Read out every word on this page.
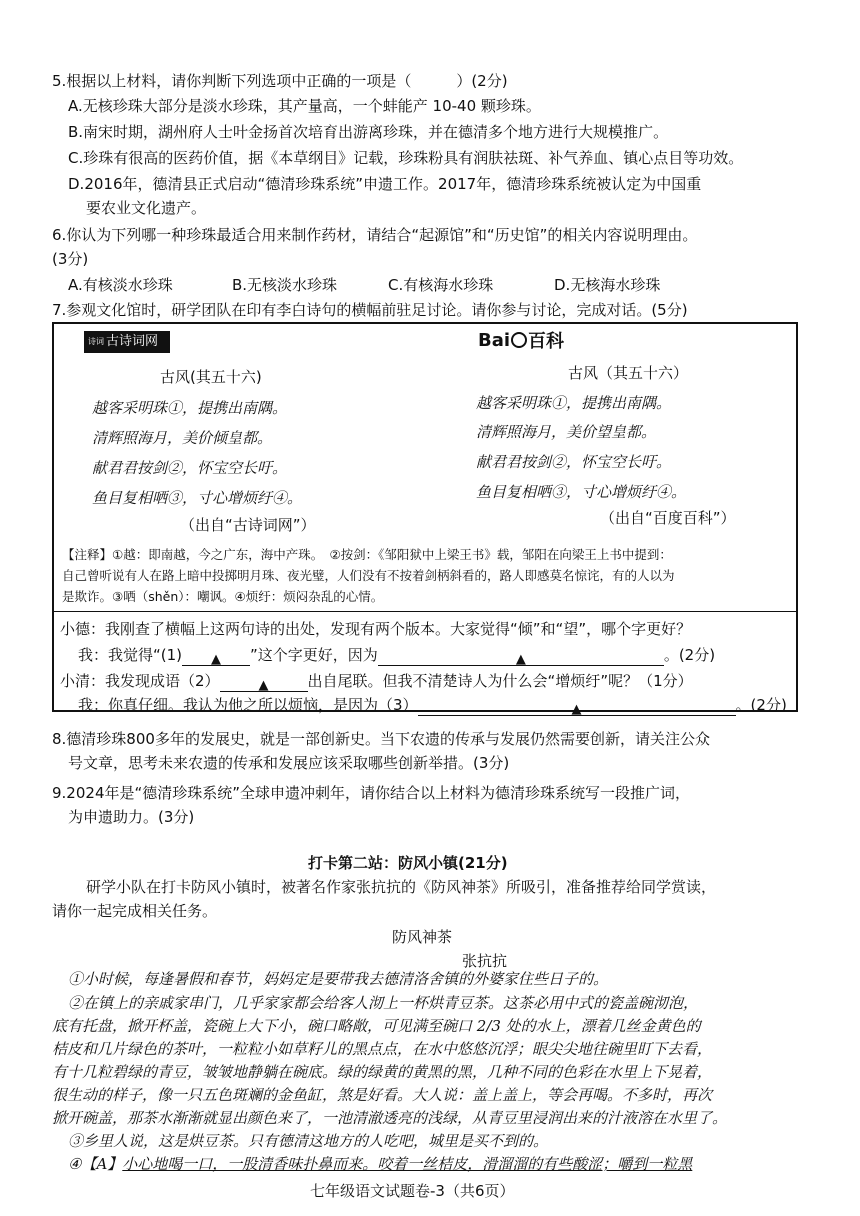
5.根据以上材料，请你判断下列选项中正确的一项是（　　　）(2分)
A.无核珍珠大部分是淡水珍珠，其产量高，一个蚌能产 10-40 颗珍珠。
B.南宋时期，湖州府人士叶金扬首次培育出游离珍珠，并在德清多个地方进行大规模推广。
C.珍珠有很高的医药价值，据《本草纲目》记载，珍珠粉具有润肤祛斑、补气养血、镇心点目等功效。
D.2016年，德清县正式启动“德清珍珠系统”申遗工作。2017年，德清珍珠系统被认定为中国重
要农业文化遗产。
6.你认为下列哪一种珍珠最适合用来制作药材，请结合“起源馆”和“历史馆”的相关内容说明理由。
(3分)
A.有核淡水珍珠	B.无核淡水珍珠	C.有核海水珍珠	D.无核海水珍珠
7.参观文化馆时，研学团队在印有李白诗句的横幅前驻足讨论。请你参与讨论，完成对话。(5分)
诗词 古诗词网
古风(其五十六)
越客采明珠①，提携出南隅。
清辉照海月，美价倾皇都。
献君君按剑②，怀宝空长吁。
鱼目复相哂③，寸心增烦纡④。
（出自“古诗词网”）
Bai 百科
古风（其五十六）
越客采明珠①，提携出南隅。
清辉照海月，美价望皇都。
献君君按剑②，怀宝空长吁。
鱼目复相哂③，寸心增烦纡④。
（出自“百度百科”）
【注释】①越：即南越，今之广东，海中产珠。　②按剑：《邹阳狱中上梁王书》载，邹阳在向梁王上书中提到：
自己曾听说有人在路上暗中投掷明月珠、夜光璧，人们没有不按着剑柄斜看的，路人即感莫名惊诧，有的人以为
是欺诈。③哂（shěn）：嘲讽。④烦纡：烦闷杂乱的心情。
小德：我刚查了横幅上这两句诗的出处，发现有两个版本。大家觉得“倾”和“望”，哪个字更好？
我：我觉得“(1) ▲ ”这个字更好，因为	▲	。(2分)
小清：我发现成语（2）	▲	出自尾联。但我不清楚诗人为什么会“增烦纡”呢？（1分）
我：你真仔细。我认为他之所以烦恼，是因为（3）	▲	。(2分)
8.德清珍珠800多年的发展史，就是一部创新史。当下农遗的传承与发展仍然需要创新，请关注公众
号文章，思考未来农遗的传承和发展应该采取哪些创新举措。(3分)
9.2024年是“德清珍珠系统”全球申遗冲刺年，请你结合以上材料为德清珍珠系统写一段推广词，
为申遗助力。(3分)
打卡第二站：防风小镇(21分)
研学小队在打卡防风小镇时，被著名作家张抗抗的《防风神茶》所吸引，准备推荐给同学赏读，
请你一起完成相关任务。
防风神茶
张抗抗
①小时候，每逢暑假和春节，妈妈定是要带我去德清洛舍镇的外婆家住些日子的。
②在镇上的亲戚家串门，几乎家家都会给客人沏上一杯烘青豆茶。这茶必用中式的瓷盖碗沏泡，
底有托盘，掀开杯盖，瓷碗上大下小，碗口略敞，可见满至碗口 2/3 处的水上，漂着几丝金黄色的
桔皮和几片绿色的茶叶，一粒粒小如草籽儿的黑点点，在水中悠悠沉浮；眼尖尖地往碗里盯下去看，
有十几粒碧绿的青豆，皱皱地静躺在碗底。绿的绿黄的黄黑的黑，几种不同的色彩在水里上下晃着，
很生动的样子，像一只五色斑斓的金鱼缸，煞是好看。大人说：盖上盖上，等会再喝。不多时，再次
掀开碗盖，那茶水渐渐就显出颜色来了，一池清澈透亮的浅绿，从青豆里浸润出来的汁液溶在水里了。
③乡里人说，这是烘豆茶。只有德清这地方的人吃吧，城里是买不到的。
④【A】小心地喝一口，一股清香味扑鼻而来。咬着一丝桔皮，滑溜溜的有些酸涩；嚼到一粒黑
七年级语文试题卷-3（共6页）
